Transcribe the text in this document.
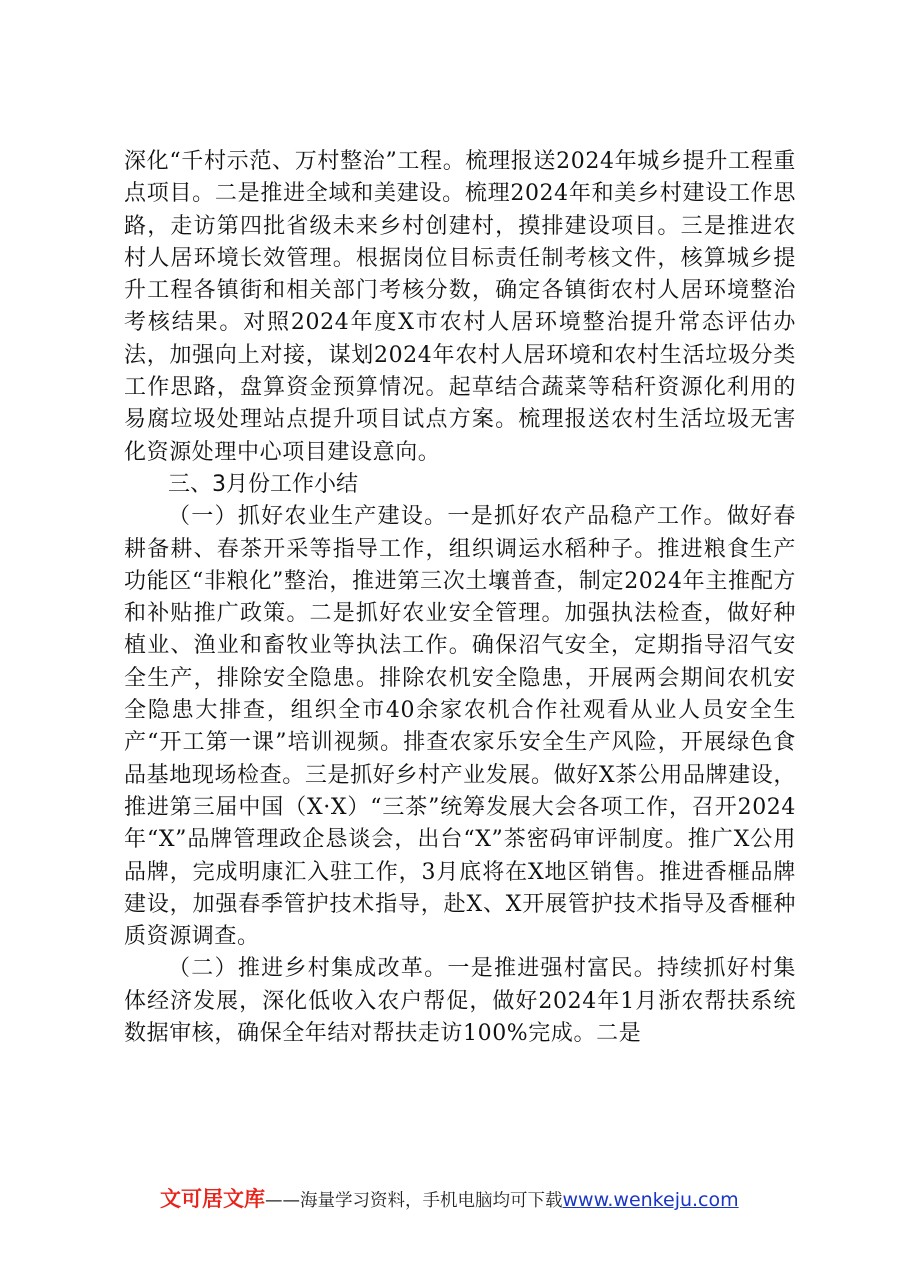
深化“千村示范、万村整治”工程。梳理报送2024年城乡提升工程重点项目。二是推进全域和美建设。梳理2024年和美乡村建设工作思路，走访第四批省级未来乡村创建村，摸排建设项目。三是推进农村人居环境长效管理。根据岗位目标责任制考核文件，核算城乡提升工程各镇街和相关部门考核分数，确定各镇街农村人居环境整治考核结果。对照2024年度X市农村人居环境整治提升常态评估办法，加强向上对接，谋划2024年农村人居环境和农村生活垃圾分类工作思路，盘算资金预算情况。起草结合蔬菜等秸秆资源化利用的易腐垃圾处理站点提升项目试点方案。梳理报送农村生活垃圾无害化资源处理中心项目建设意向。

三、3月份工作小结

（一）抓好农业生产建设。一是抓好农产品稳产工作。做好春耕备耕、春茶开采等指导工作，组织调运水稻种子。推进粮食生产功能区“非粮化”整治，推进第三次土壤普查，制定2024年主推配方和补贴推广政策。二是抓好农业安全管理。加强执法检查，做好种植业、渔业和畜牧业等执法工作。确保沼气安全，定期指导沼气安全生产，排除安全隐患。排除农机安全隐患，开展两会期间农机安全隐患大排查，组织全市40余家农机合作社观看从业人员安全生产“开工第一课”培训视频。排查农家乐安全生产风险，开展绿色食品基地现场检查。三是抓好乡村产业发展。做好X茶公用品牌建设，推进第三届中国（X·X）“三茶”统筹发展大会各项工作，召开2024年“X”品牌管理政企恳谈会，出台“X”茶密码审评制度。推广X公用品牌，完成明康汇入驻工作，3月底将在X地区销售。推进香榧品牌建设，加强春季管护技术指导，赴X、X开展管护技术指导及香榧种质资源调查。

（二）推进乡村集成改革。一是推进强村富民。持续抓好村集体经济发展，深化低收入农户帮促，做好2024年1月浙农帮扶系统数据审核，确保全年结对帮扶走访100%完成。二是

文可居文库——海量学习资料，手机电脑均可下载www.wenkeju.com
